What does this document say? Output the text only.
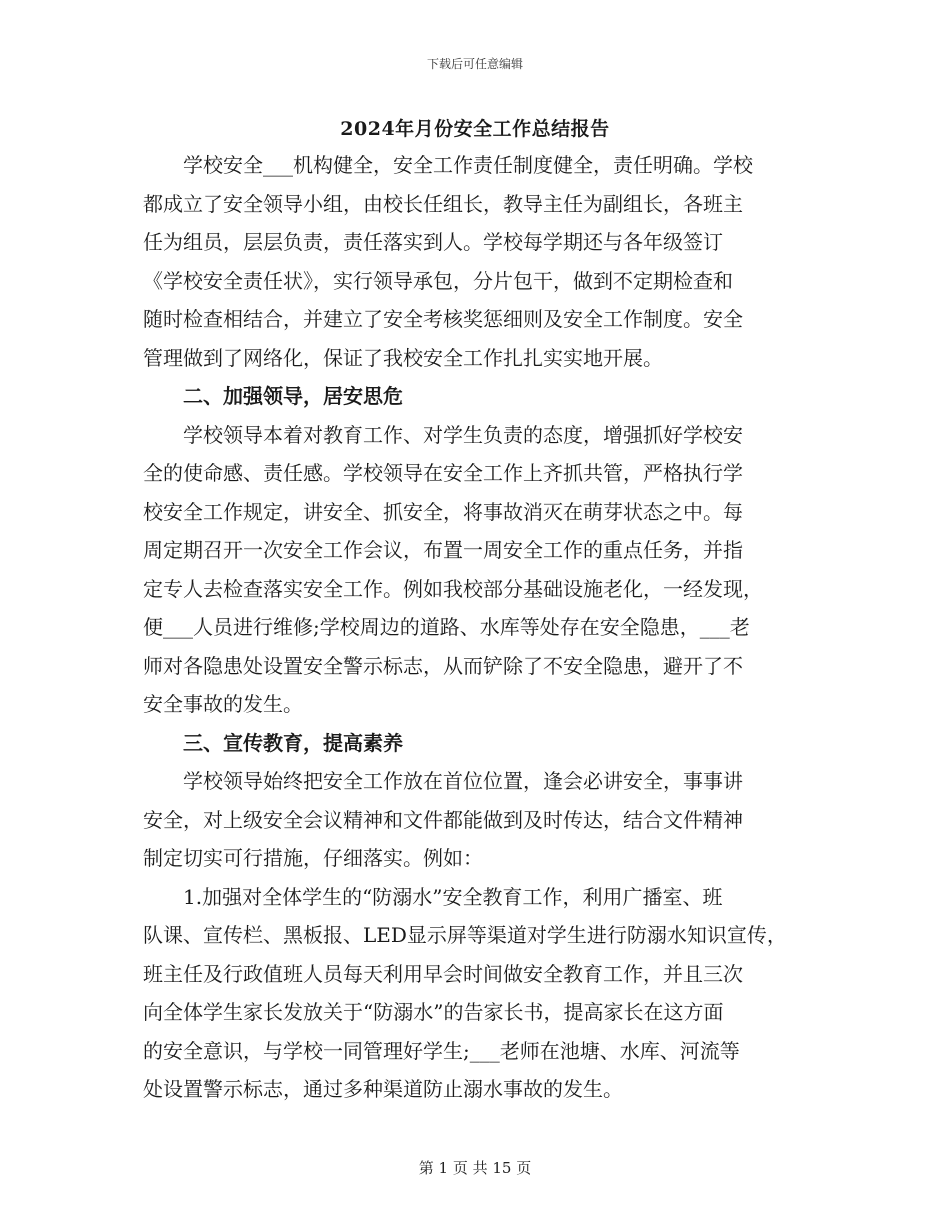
下载后可任意编辑
2024年月份安全工作总结报告
学校安全___机构健全，安全工作责任制度健全，责任明确。学校
都成立了安全领导小组，由校长任组长，教导主任为副组长，各班主
任为组员，层层负责，责任落实到人。学校每学期还与各年级签订
《学校安全责任状》，实行领导承包，分片包干，做到不定期检查和
随时检查相结合，并建立了安全考核奖惩细则及安全工作制度。安全
管理做到了网络化，保证了我校安全工作扎扎实实地开展。
二、加强领导，居安思危
学校领导本着对教育工作、对学生负责的态度，增强抓好学校安
全的使命感、责任感。学校领导在安全工作上齐抓共管，严格执行学
校安全工作规定，讲安全、抓安全，将事故消灭在萌芽状态之中。每
周定期召开一次安全工作会议，布置一周安全工作的重点任务，并指
定专人去检查落实安全工作。例如我校部分基础设施老化，一经发现，
便___人员进行维修;学校周边的道路、水库等处存在安全隐患，___老
师对各隐患处设置安全警示标志，从而铲除了不安全隐患，避开了不
安全事故的发生。
三、宣传教育，提高素养
学校领导始终把安全工作放在首位位置，逢会必讲安全，事事讲
安全，对上级安全会议精神和文件都能做到及时传达，结合文件精神
制定切实可行措施，仔细落实。例如：
1.加强对全体学生的“防溺水”安全教育工作，利用广播室、班
队课、宣传栏、黑板报、LED显示屏等渠道对学生进行防溺水知识宣传，
班主任及行政值班人员每天利用早会时间做安全教育工作，并且三次
向全体学生家长发放关于“防溺水”的告家长书，提高家长在这方面
的安全意识，与学校一同管理好学生;___老师在池塘、水库、河流等
处设置警示标志，通过多种渠道防止溺水事故的发生。
第 1 页 共 15 页
